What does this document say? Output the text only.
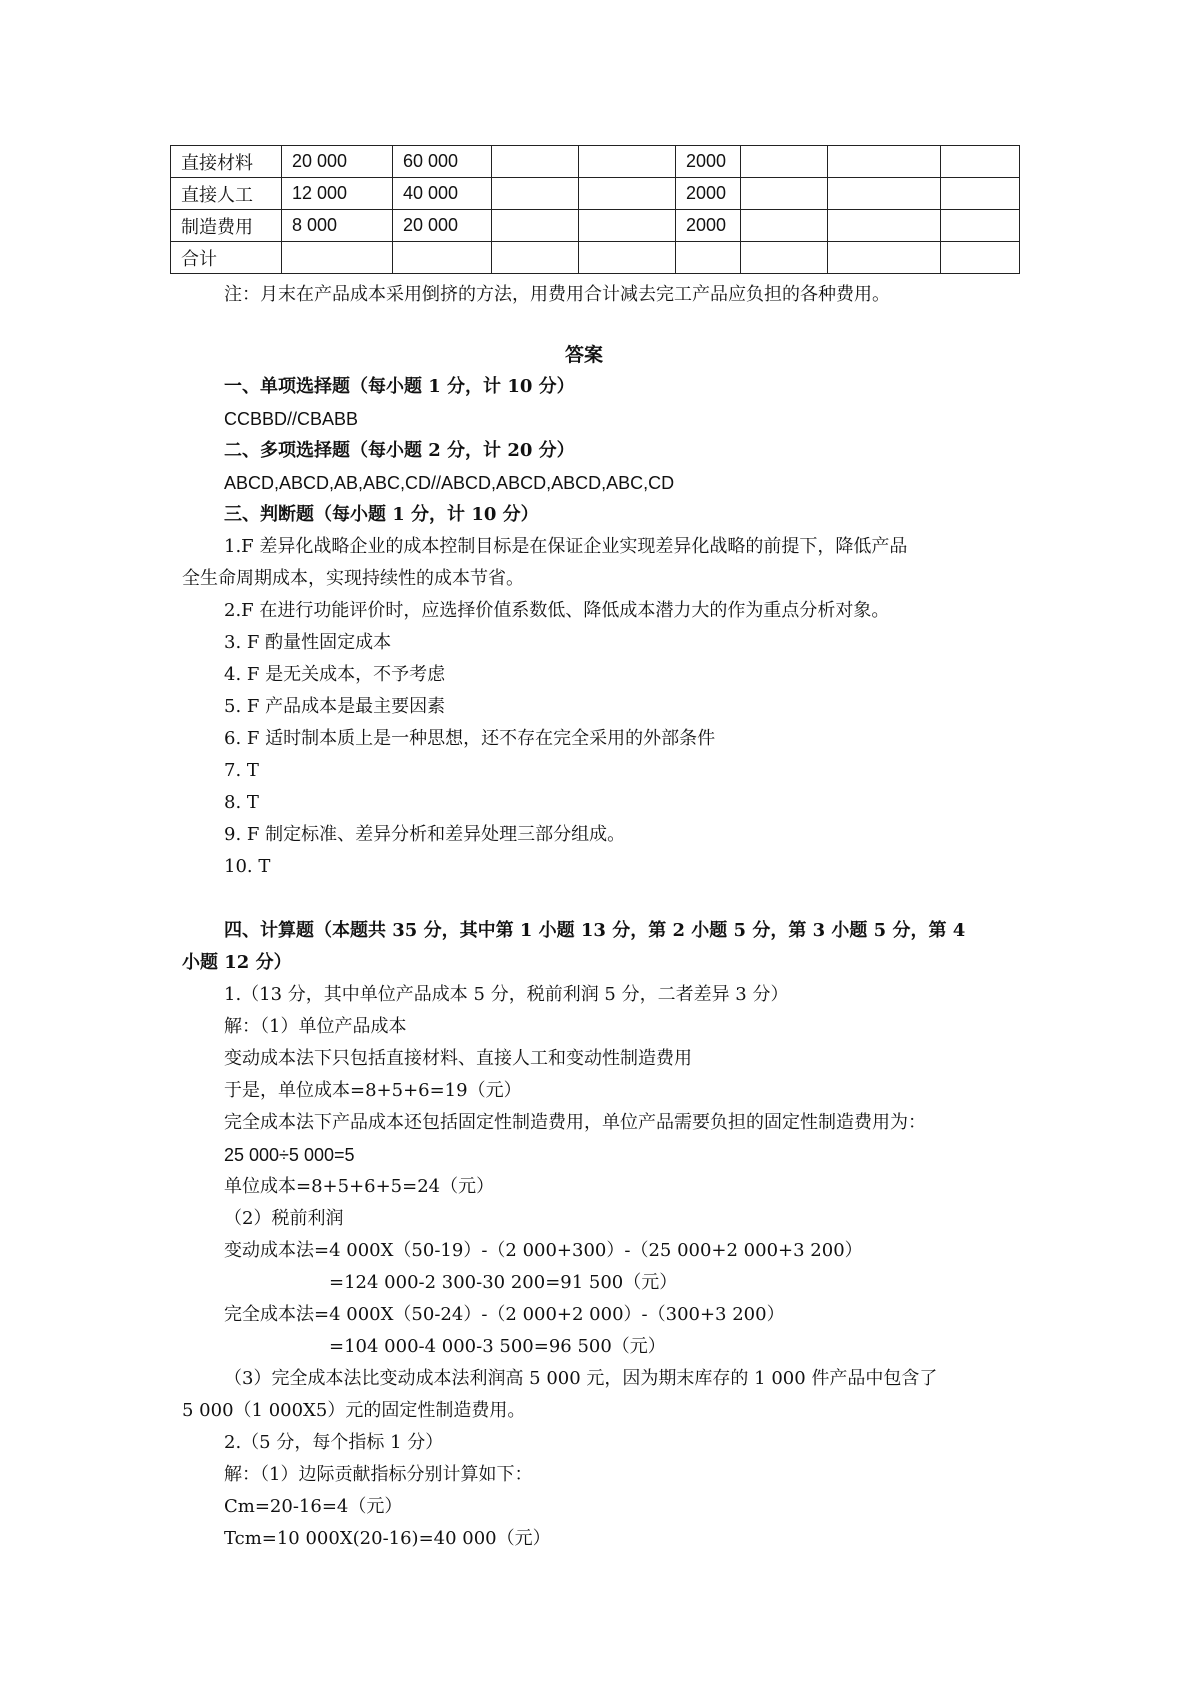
直接材料	20 000	60 000			2000			
直接人工	12 000	40 000			2000			
制造费用	8 000	20 000			2000			
合计								
注：月末在产品成本采用倒挤的方法，用费用合计减去完工产品应负担的各种费用。
答案
一、单项选择题（每小题 1 分，计 10 分）
CCBBD//CBABB
二、多项选择题（每小题 2 分，计 20 分）
ABCD,ABCD,AB,ABC,CD//ABCD,ABCD,ABCD,ABC,CD
三、判断题（每小题 1 分，计 10 分）
1.F 差异化战略企业的成本控制目标是在保证企业实现差异化战略的前提下，降低产品
全生命周期成本，实现持续性的成本节省。
2.F 在进行功能评价时，应选择价值系数低、降低成本潜力大的作为重点分析对象。
3. F 酌量性固定成本
4. F 是无关成本，不予考虑
5. F 产品成本是最主要因素
6. F 适时制本质上是一种思想，还不存在完全采用的外部条件
7. T
8. T
9. F 制定标准、差异分析和差异处理三部分组成。
10. T
四、计算题（本题共 35 分，其中第 1 小题 13 分，第 2 小题 5 分，第 3 小题 5 分，第 4
小题 12 分）
1.（13 分，其中单位产品成本 5 分，税前利润 5 分，二者差异 3 分）
解：（1）单位产品成本
变动成本法下只包括直接材料、直接人工和变动性制造费用
于是，单位成本=8+5+6=19（元）
完全成本法下产品成本还包括固定性制造费用，单位产品需要负担的固定性制造费用为：
25 000÷5 000=5
单位成本=8+5+6+5=24（元）
（2）税前利润
变动成本法=4 000X（50-19）-（2 000+300）-（25 000+2 000+3 200）
=124 000-2 300-30 200=91 500（元）
完全成本法=4 000X（50-24）-（2 000+2 000）-（300+3 200）
=104 000-4 000-3 500=96 500（元）
（3）完全成本法比变动成本法利润高 5 000 元，因为期末库存的 1 000 件产品中包含了
5 000（1 000X5）元的固定性制造费用。
2.（5 分，每个指标 1 分）
解：（1）边际贡献指标分别计算如下：
Cm=20-16=4（元）
Tcm=10 000X(20-16)=40 000（元）
